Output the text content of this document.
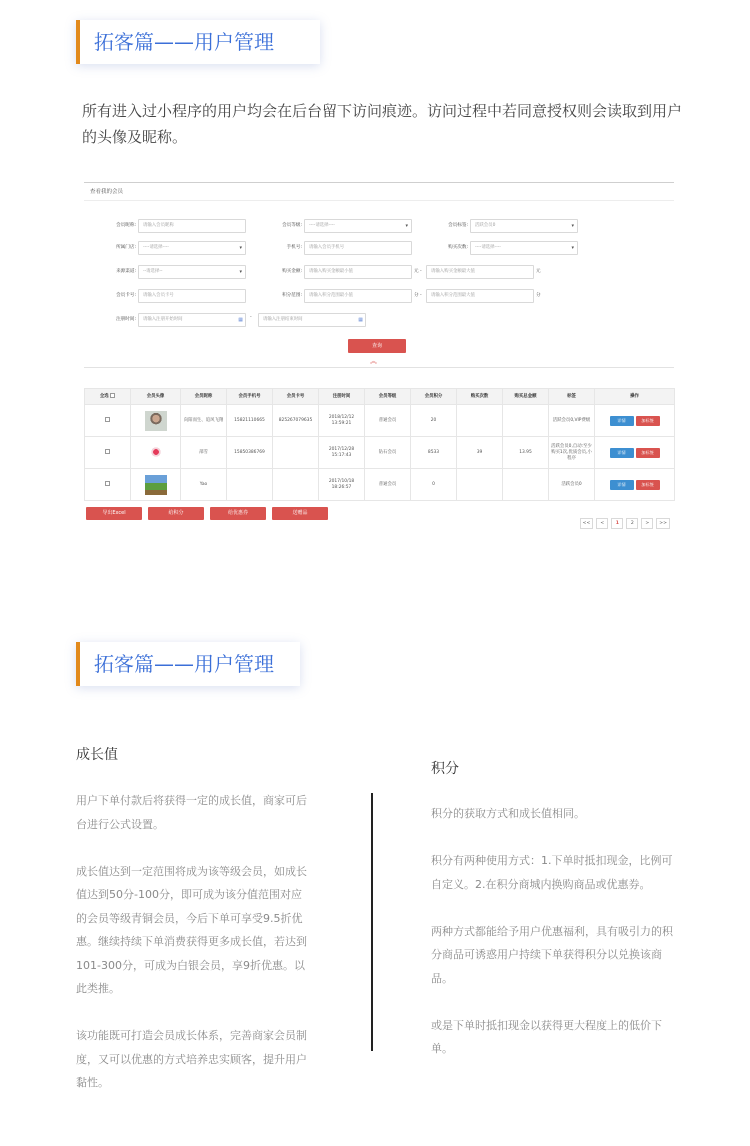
拓客篇——用户管理
所有进入过小程序的用户均会在后台留下访问痕迹。访问过程中若同意授权则会读取到用户的头像及昵称。
查看我的会员
会员昵称:	请输入会员昵称	会员等级:	----请选择---- ▾	会员标签:	活跃会员0 ▾
所属门店:	----请选择---- ▾	手机号:	请输入会员手机号	购买次数:	----请选择---- ▾
来源渠道:	--请选择-- ▾	购买金额:	请输入购买金额最小值	元 -	请输入购买金额最大值	元
会员卡号:	请输入会员卡号	积分范围:	请输入积分范围最小值	分 -	请输入积分范围最大值	分
注册时间:	请输入注册开始时间	▦ -	请输入注册结束时间	▦
查询
︽
全选	会员头像	会员昵称	会员手机号	会员卡号	注册时间	会员等级	会员积分	购买次数	购买总金额	标签	操作
		向阳而生、追风飞翔	15821110665	825267079635	2018/12/12 13:59:21	普通会员	20			活跃会员0,VIP费级	详情 加标签
		部雪	15850386769		2017/12/28 15:17:43	钻石会员	8533	39	13.95	活跃会员0,自动:至少购买1次,优质会员,小程序	详情 加标签
		Yao			2017/10/18 18:26:57	普通会员	0			活跃会员0	详情 加标签
导出Excel	给积分	给优惠券	送赠品
<<	<	1	2	>	>>
拓客篇——用户管理
成长值

用户下单付款后将获得一定的成长值，商家可后台进行公式设置。

成长值达到一定范围将成为该等级会员，如成长值达到50分-100分，即可成为该分值范围对应的会员等级青铜会员，今后下单可享受9.5折优惠。继续持续下单消费获得更多成长值，若达到101-300分，可成为白银会员，享9折优惠。以此类推。

该功能既可打造会员成长体系，完善商家会员制度，又可以优惠的方式培养忠实顾客，提升用户黏性。

积分

积分的获取方式和成长值相同。

积分有两种使用方式：1.下单时抵扣现金，比例可自定义。2.在积分商城内换购商品或优惠券。

两种方式都能给予用户优惠福利，具有吸引力的积分商品可诱惑用户持续下单获得积分以兑换该商品。

或是下单时抵扣现金以获得更大程度上的低价下单。
